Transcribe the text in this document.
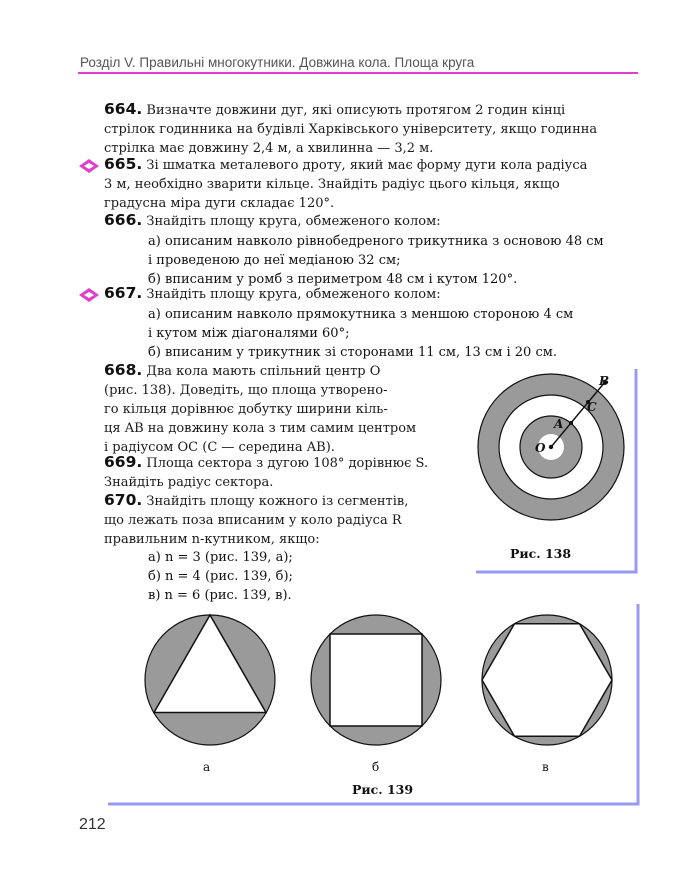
Розділ V. Правильні многокутники. Довжина кола. Площа круга
664. Визначте довжини дуг, які описують протягом 2 годин кінці
стрілок годинника на будівлі Харківського університету, якщо годинна
стрілка має довжину 2,4 м, а хвилинна — 3,2 м.
665. Зі шматка металевого дроту, який має форму дуги кола радіуса
3 м, необхідно зварити кільце. Знайдіть радіус цього кільця, якщо
градусна міра дуги складає 120°.
666. Знайдіть площу круга, обмеженого колом:
а) описаним навколо рівнобедреного трикутника з основою 48 см
і проведеною до неї медіаною 32 см;
б) вписаним у ромб з периметром 48 см і кутом 120°.
667. Знайдіть площу круга, обмеженого колом:
а) описаним навколо прямокутника з меншою стороною 4 см
і кутом між діагоналями 60°;
б) вписаним у трикутник зі сторонами 11 см, 13 см і 20 см.
668. Два кола мають спільний центр O
(рис. 138). Доведіть, що площа утворено-
го кільця дорівнює добутку ширини кіль-
ця AB на довжину кола з тим самим центром
і радіусом OC (C — середина AB).
669. Площа сектора з дугою 108° дорівнює S.
Знайдіть радіус сектора.
670. Знайдіть площу кожного із сегментів,
що лежать поза вписаним у коло радіуса R
правильним n-кутником, якщо:
а) n = 3 (рис. 139, а);
б) n = 4 (рис. 139, б);
в) n = 6 (рис. 139, в).
O
A
B
C
Рис. 138
а	б	в
Рис. 139
212
